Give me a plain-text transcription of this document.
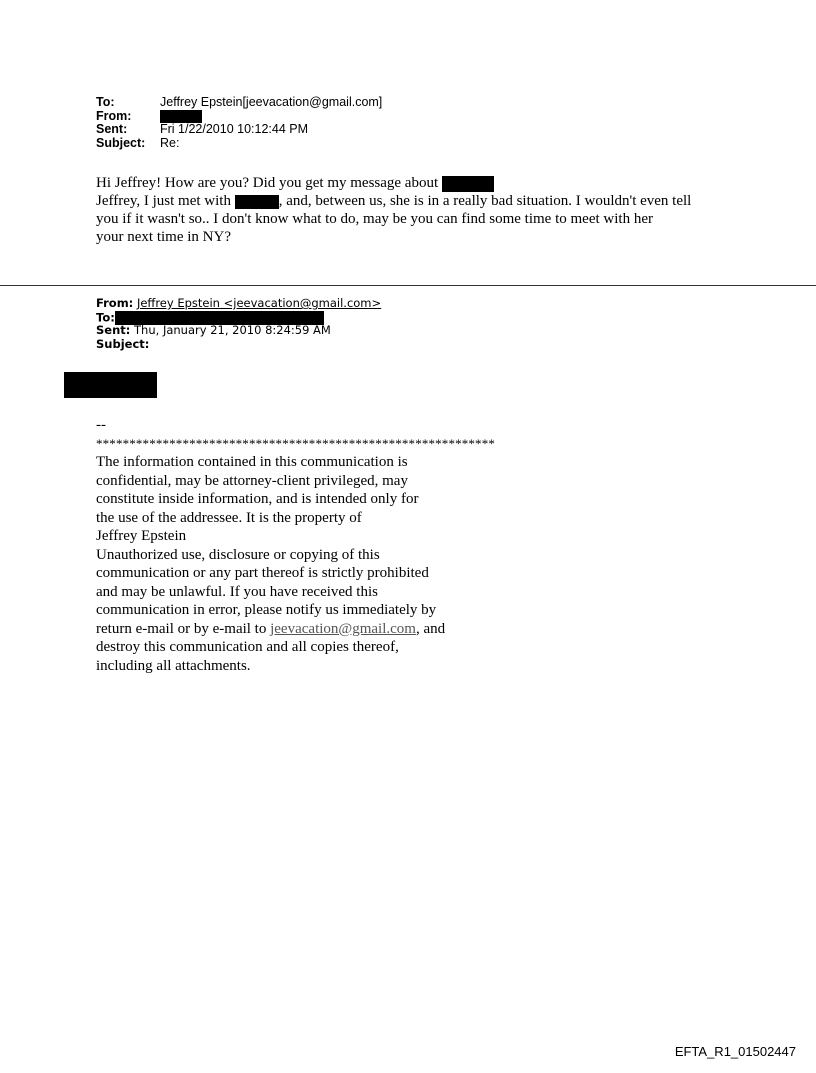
To:	Jeffrey Epstein[jeevacation@gmail.com]
From:
Sent:	Fri 1/22/2010 10:12:44 PM
Subject:	Re:

Hi Jeffrey! How are you? Did you get my message about

Jeffrey, I just met with	, and, between us, she is in a really bad situation. I wouldn't even tell

you if it wasn't so.. I don't know what to do, may be you can find some time to meet with her

your next time in NY?

From: Jeffrey Epstein <jeevacation@gmail.com>
To:
Sent: Thu, January 21, 2010 8:24:59 AM
Subject:
--
************************************************************
The information contained in this communication is
confidential, may be attorney-client privileged, may
constitute inside information, and is intended only for
the use of the addressee. It is the property of
Jeffrey Epstein
Unauthorized use, disclosure or copying of this
communication or any part thereof is strictly prohibited
and may be unlawful. If you have received this
communication in error, please notify us immediately by
return e-mail or by e-mail to jeevacation@gmail.com, and
destroy this communication and all copies thereof,
including all attachments.
EFTA_R1_01502447
